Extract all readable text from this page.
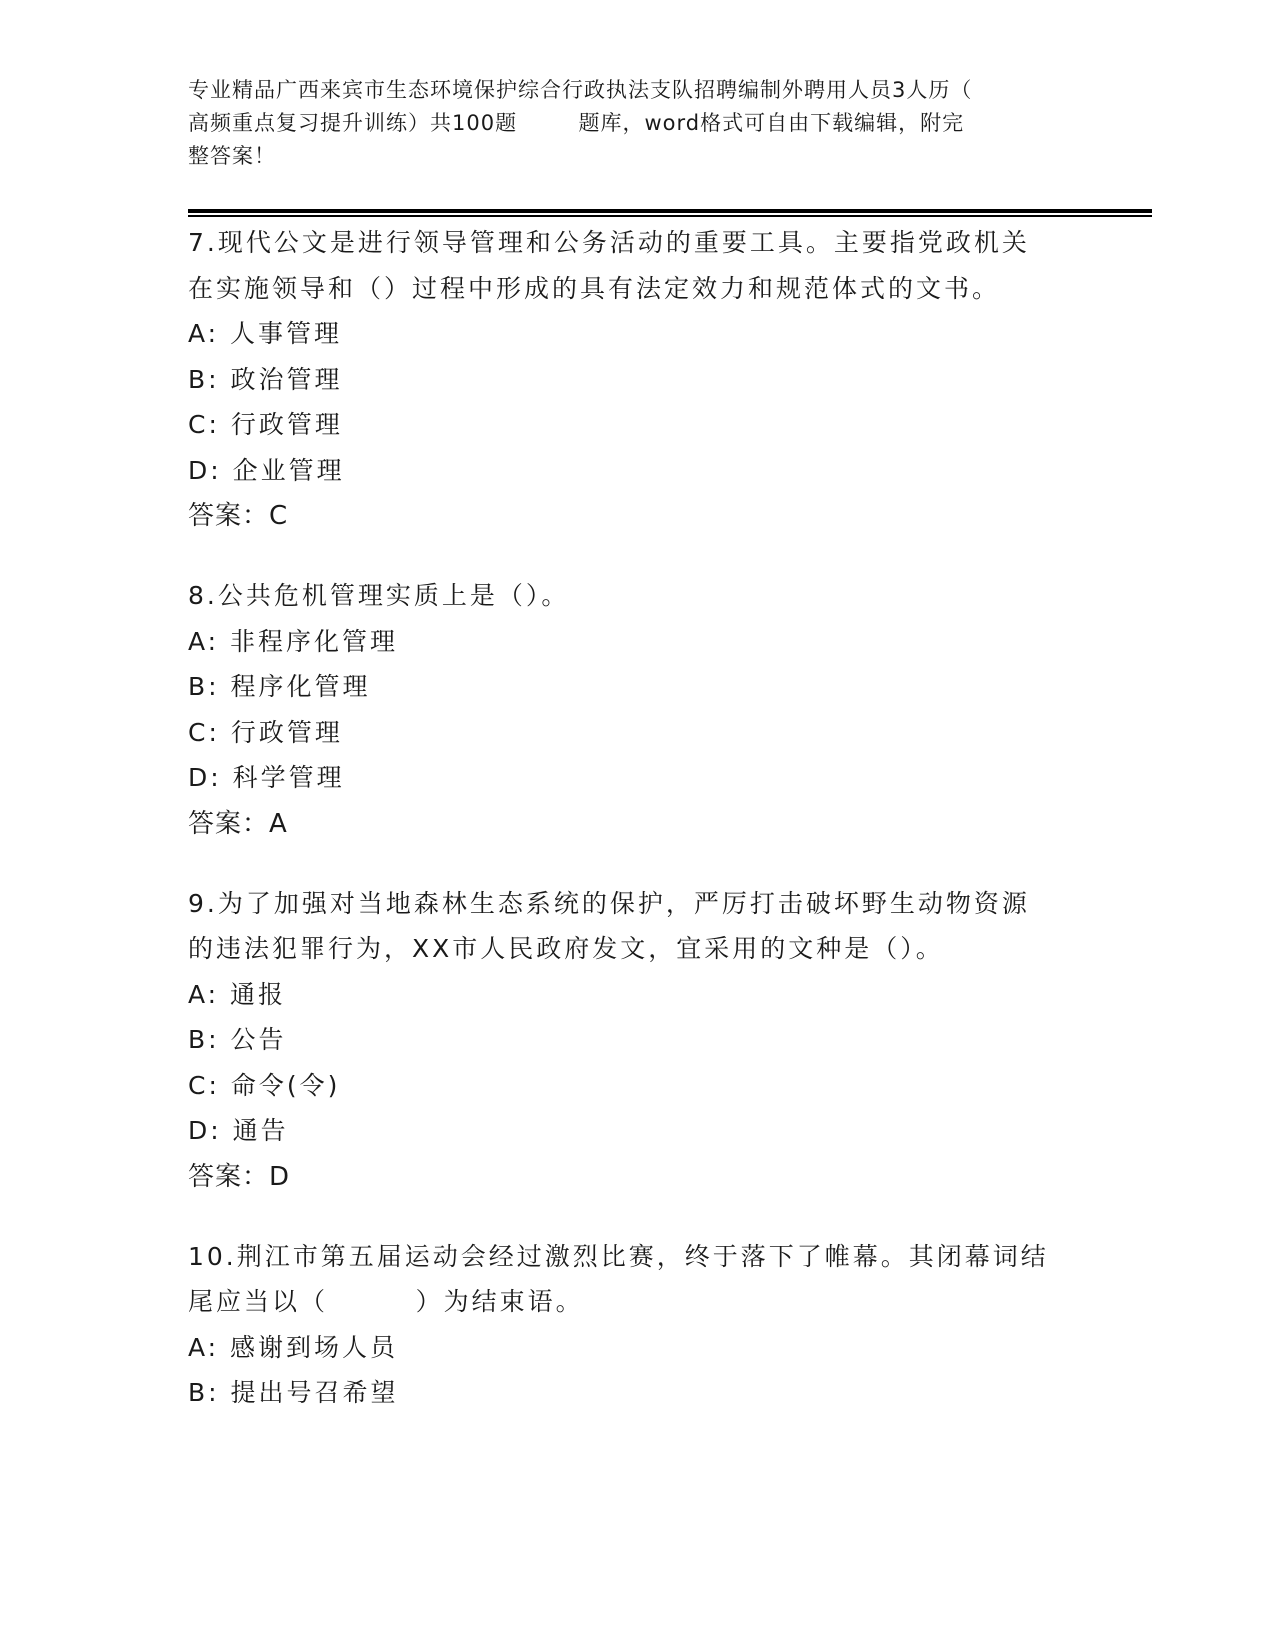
专业精品广西来宾市生态环境保护综合行政执法支队招聘编制外聘用人员3人历（
高频重点复习提升训练）共100题        题库，word格式可自由下载编辑，附完
整答案！
7.现代公文是进行领导管理和公务活动的重要工具。主要指党政机关
在实施领导和（）过程中形成的具有法定效力和规范体式的文书。
A: 人事管理
B: 政治管理
C: 行政管理
D: 企业管理
答案：C
8.公共危机管理实质上是（）。
A: 非程序化管理
B: 程序化管理
C: 行政管理
D: 科学管理
答案：A
9.为了加强对当地森林生态系统的保护，严厉打击破坏野生动物资源
的违法犯罪行为，XX市人民政府发文，宜采用的文种是（）。
A: 通报
B: 公告
C: 命令(令)
D: 通告
答案：D
10.荆江市第五届运动会经过激烈比赛，终于落下了帷幕。其闭幕词结
尾应当以（        ）为结束语。
A: 感谢到场人员
B: 提出号召希望
